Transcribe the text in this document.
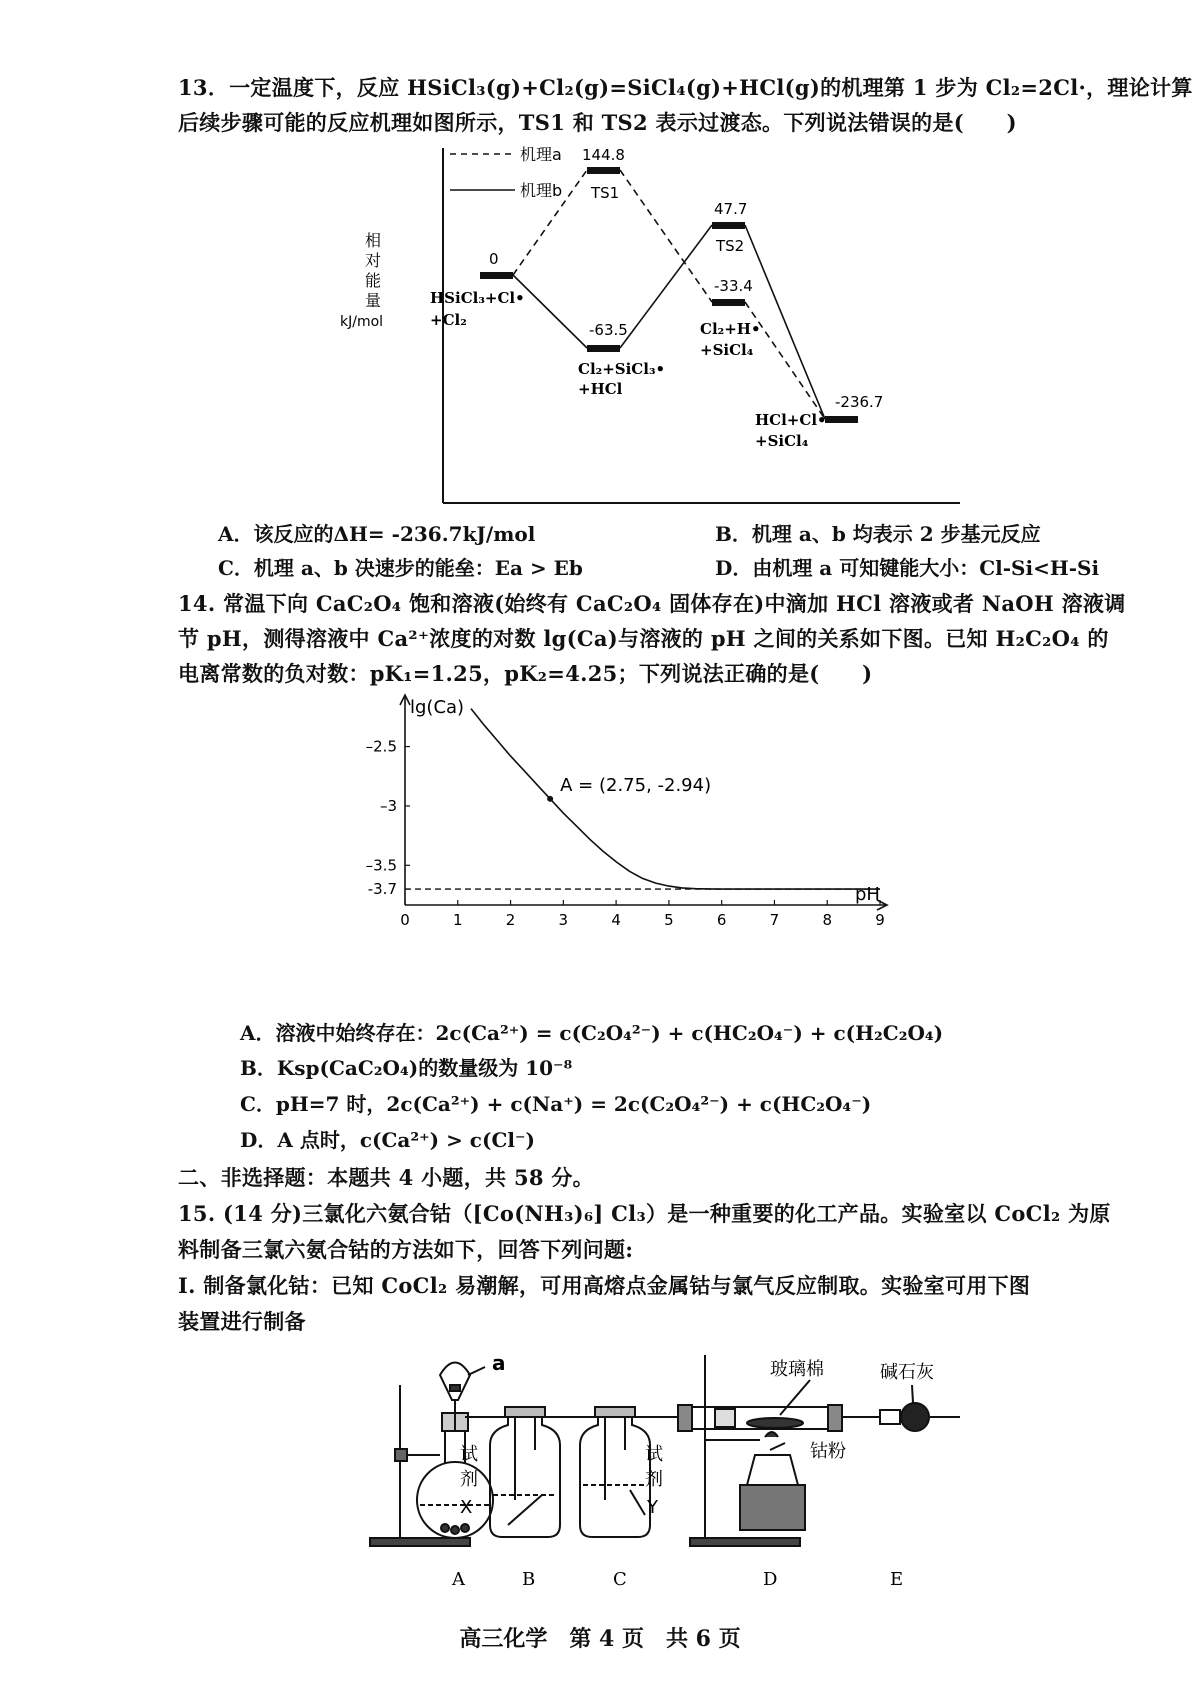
13．一定温度下，反应 HSiCl₃(g)+Cl₂(g)=SiCl₄(g)+HCl(g)的机理第 1 步为 Cl₂=2Cl·，理论计算
后续步骤可能的反应机理如图所示，TS1 和 TS2 表示过渡态。下列说法错误的是(　　)
机理a
机理b
相
对
能
量
kJ/mol
0
HSiCl₃+Cl•
+Cl₂
144.8
TS1
-63.5
Cl₂+SiCl₃•
+HCl
47.7
TS2
-33.4
Cl₂+H•
+SiCl₄
-236.7
HCl+Cl•
+SiCl₄
A．该反应的ΔH= -236.7kJ/mol	B．机理 a、b 均表示 2 步基元反应
C．机理 a、b 决速步的能垒：Ea > Eb	D．由机理 a 可知键能大小：Cl-Si<H-Si
14. 常温下向 CaC₂O₄ 饱和溶液(始终有 CaC₂O₄ 固体存在)中滴加 HCl 溶液或者 NaOH 溶液调
节 pH，测得溶液中 Ca²⁺浓度的对数 lg(Ca)与溶液的 pH 之间的关系如下图。已知 H₂C₂O₄ 的
电离常数的负对数：pK₁=1.25，pK₂=4.25；下列说法正确的是(　　)
0	1	2	3	4	5	6	7	8	9
–2.5
–3
–3.5
-3.7
A = (2.75, -2.94)
lg(Ca)
pH
A．溶液中始终存在：2c(Ca²⁺) = c(C₂O₄²⁻) + c(HC₂O₄⁻) + c(H₂C₂O₄)
B．Ksp(CaC₂O₄)的数量级为 10⁻⁸
C．pH=7 时，2c(Ca²⁺) + c(Na⁺) = 2c(C₂O₄²⁻) + c(HC₂O₄⁻)
D．A 点时，c(Ca²⁺) > c(Cl⁻)
二、非选择题：本题共 4 小题，共 58 分。
15. (14 分)三氯化六氨合钴（[Co(NH₃)₆] Cl₃）是一种重要的化工产品。实验室以 CoCl₂ 为原
料制备三氯六氨合钴的方法如下，回答下列问题:
Ⅰ. 制备氯化钴：已知 CoCl₂ 易潮解，可用高熔点金属钴与氯气反应制取。实验室可用下图
装置进行制备
a	玻璃棉	碱石灰
钴粉
试
剂
X
试
剂
Y
A	B	C	D	E
高三化学　第 4 页　共 6 页
